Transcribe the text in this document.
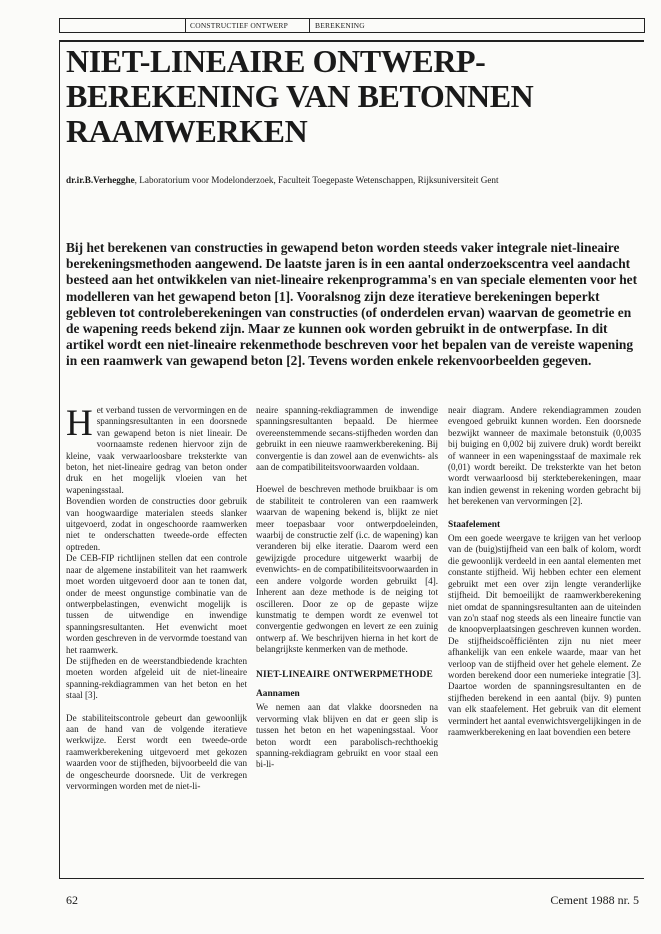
CONSTRUCTIEF ONTWERP	BEREKENING
NIET-LINEAIRE ONTWERP-
BEREKENING VAN BETONNEN
RAAMWERKEN
dr.ir.B.Verhegghe, Laboratorium voor Modelonderzoek, Faculteit Toegepaste Wetenschappen, Rijksuniversiteit Gent

Bij het berekenen van constructies in gewapend beton worden steeds vaker integrale niet-lineaire berekeningsmethoden aangewend. De laatste jaren is in een aantal onderzoekscentra veel aandacht besteed aan het ontwikkelen van niet-lineaire rekenprogramma's en van speciale elementen voor het modelleren van het gewapend beton [1]. Vooralsnog zijn deze iteratieve berekeningen beperkt gebleven tot controleberekeningen van constructies (of onderdelen ervan) waarvan de geometrie en de wapening reeds bekend zijn. Maar ze kunnen ook worden gebruikt in de ontwerpfase. In dit artikel wordt een niet-lineaire rekenmethode beschreven voor het bepalen van de vereiste wapening in een raamwerk van gewapend beton [2]. Tevens worden enkele rekenvoorbeelden gegeven.

Het verband tussen de vervormingen en de spanningsresultanten in een doorsnede van gewapend beton is niet lineair. De voornaamste redenen hiervoor zijn de kleine, vaak verwaarloosbare treksterkte van beton, het niet-lineaire gedrag van beton onder druk en het mogelijk vloeien van het wapeningsstaal.

Bovendien worden de constructies door gebruik van hoogwaardige materialen steeds slanker uitgevoerd, zodat in ongeschoorde raamwerken niet te onderschatten tweede-orde effecten optreden.

De CEB-FIP richtlijnen stellen dat een controle naar de algemene instabiliteit van het raamwerk moet worden uitgevoerd door aan te tonen dat, onder de meest ongunstige combinatie van de ontwerpbelastingen, evenwicht mogelijk is tussen de uitwendige en inwendige spanningsresultanten. Het evenwicht moet worden geschreven in de vervormde toestand van het raamwerk.

De stijfheden en de weerstandbiedende krachten moeten worden afgeleid uit de niet-lineaire spanning-rekdiagrammen van het beton en het staal [3].

De stabiliteitscontrole gebeurt dan gewoonlijk aan de hand van de volgende iteratieve werkwijze. Eerst wordt een tweede-orde raamwerkberekening uitgevoerd met gekozen waarden voor de stijfheden, bijvoorbeeld die van de ongescheurde doorsnede. Uit de verkregen vervormingen worden met de niet-li-

neaire spanning-rekdiagrammen de inwendige spanningsresultanten bepaald. De hiermee overeenstemmende secans-stijfheden worden dan gebruikt in een nieuwe raamwerkberekening. Bij convergentie is dan zowel aan de evenwichts- als aan de compatibiliteitsvoorwaarden voldaan.

Hoewel de beschreven methode bruikbaar is om de stabiliteit te controleren van een raamwerk waarvan de wapening bekend is, blijkt ze niet meer toepasbaar voor ontwerpdoeleinden, waarbij de constructie zelf (i.c. de wapening) kan veranderen bij elke iteratie. Daarom werd een gewijzigde procedure uitgewerkt waarbij de evenwichts- en de compatibiliteitsvoorwaarden in een andere volgorde worden gebruikt [4]. Inherent aan deze methode is de neiging tot oscilleren. Door ze op de gepaste wijze kunstmatig te dempen wordt ze evenwel tot convergentie gedwongen en levert ze een zuinig ontwerp af. We beschrijven hierna in het kort de belangrijkste kenmerken van de methode.

NIET-LINEAIRE ONTWERPMETHODE
Aannamen

We nemen aan dat vlakke doorsneden na vervorming vlak blijven en dat er geen slip is tussen het beton en het wapeningsstaal. Voor beton wordt een parabolisch-rechthoekig spanning-rekdiagram gebruikt en voor staal een bi-li-

neair diagram. Andere rekendiagrammen zouden evengoed gebruikt kunnen worden. Een doorsnede bezwijkt wanneer de maximale betonstuik (0,0035 bij buiging en 0,002 bij zuivere druk) wordt bereikt of wanneer in een wapeningsstaaf de maximale rek (0,01) wordt bereikt. De treksterkte van het beton wordt verwaarloosd bij sterkteberekeningen, maar kan indien gewenst in rekening worden gebracht bij het berekenen van vervormingen [2].

Staafelement

Om een goede weergave te krijgen van het verloop van de (buig)stijfheid van een balk of kolom, wordt die gewoonlijk verdeeld in een aantal elementen met constante stijfheid. Wij hebben echter een element gebruikt met een over zijn lengte veranderlijke stijfheid. Dit bemoeilijkt de raamwerkberekening niet omdat de spanningsresultanten aan de uiteinden van zo'n staaf nog steeds als een lineaire functie van de knoopverplaatsingen geschreven kunnen worden. De stijfheidscoëfficiënten zijn nu niet meer afhankelijk van een enkele waarde, maar van het verloop van de stijfheid over het gehele element. Ze worden berekend door een numerieke integratie [3]. Daartoe worden de spanningsresultanten en de stijfheden berekend in een aantal (bijv. 9) punten van elk staafelement. Het gebruik van dit element vermindert het aantal evenwichtsvergelijkingen in de raamwerkberekening en laat bovendien een betere

62	Cement 1988 nr. 5
